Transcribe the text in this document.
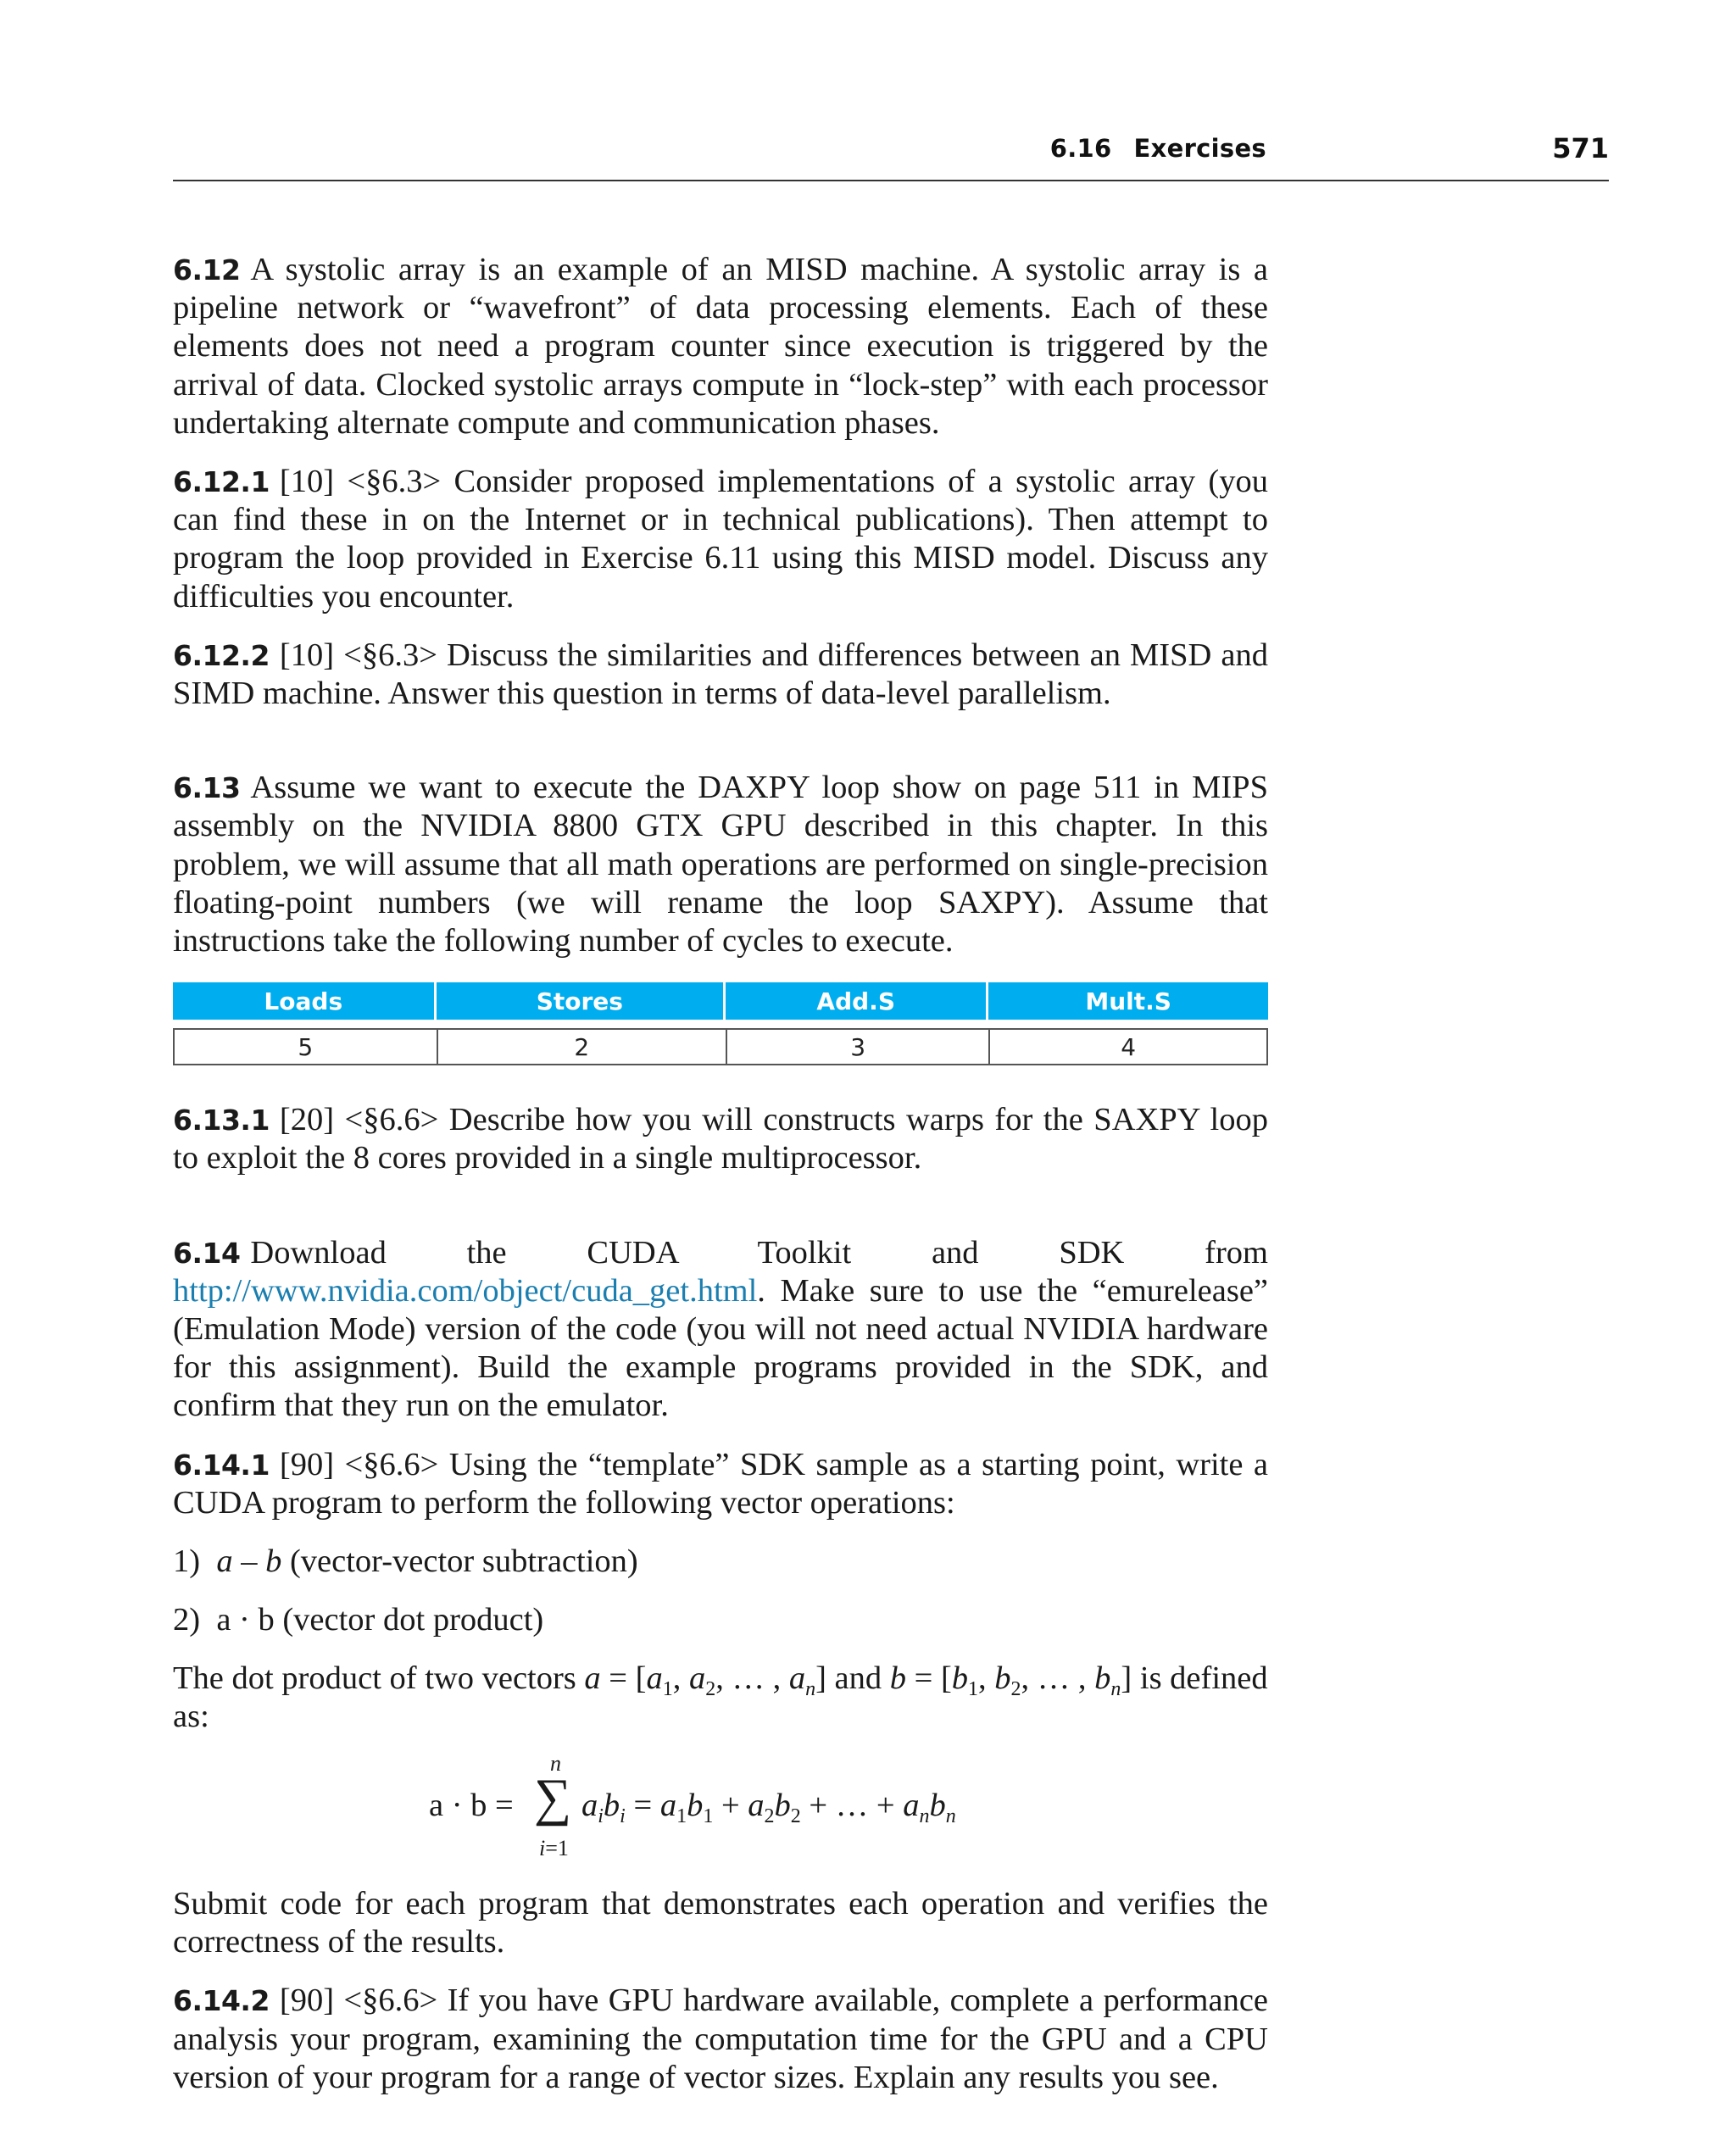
6.16 Exercises	571

6.12 A systolic array is an example of an MISD machine. A systolic array is a pipeline network or “wavefront” of data processing elements. Each of these elements does not need a program counter since execution is triggered by the arrival of data. Clocked systolic arrays compute in “lock-step” with each processor undertaking alternate compute and communication phases.

6.12.1 [10] <§6.3> Consider proposed implementations of a systolic array (you can find these in on the Internet or in technical publications). Then attempt to program the loop provided in Exercise 6.11 using this MISD model. Discuss any difficulties you encounter.

6.12.2 [10] <§6.3> Discuss the similarities and differences between an MISD and SIMD machine. Answer this question in terms of data-level parallelism.

6.13 Assume we want to execute the DAXPY loop show on page 511 in MIPS assembly on the NVIDIA 8800 GTX GPU described in this chapter. In this problem, we will assume that all math operations are performed on single-precision floating-point numbers (we will rename the loop SAXPY). Assume that instructions take the following number of cycles to execute.

Loads	Stores	Add.S	Mult.S

5	2	3	4

6.13.1 [20] <§6.6> Describe how you will constructs warps for the SAXPY loop to exploit the 8 cores provided in a single multiprocessor.

6.14 Download the CUDA Toolkit and SDK from http://www.nvidia.com/object/cuda_get.html. Make sure to use the “emurelease” (Emulation Mode) version of the code (you will not need actual NVIDIA hardware for this assignment). Build the example programs provided in the SDK, and confirm that they run on the emulator.

6.14.1 [90] <§6.6> Using the “template” SDK sample as a starting point, write a CUDA program to perform the following vector operations:

1) a – b (vector-vector subtraction)

2) a · b (vector dot product)

The dot product of two vectors $a = [a_1$, $a_2$, … , $a_n$] and $b = [b_1$, $b_2$, … , $b_n$] is defined as:

a · b =
n
∑
i=1
$a_ib_i = a_1b_1 + a_2b_2$ + … + $a_nb_n$

Submit code for each program that demonstrates each operation and verifies the correctness of the results.

6.14.2 [90] <§6.6> If you have GPU hardware available, complete a performance analysis your program, examining the computation time for the GPU and a CPU version of your program for a range of vector sizes. Explain any results you see.
